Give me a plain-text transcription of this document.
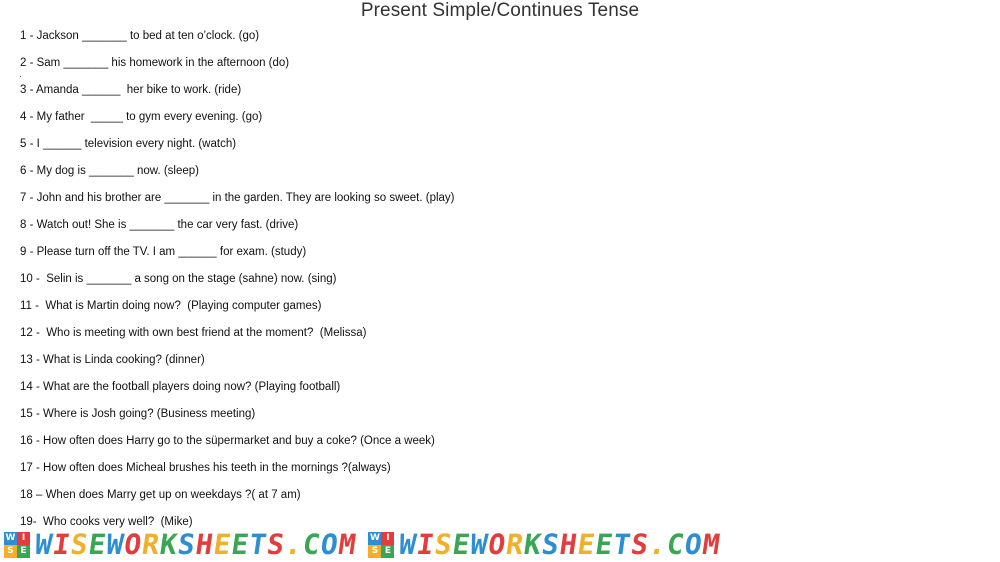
Present Simple/Continues Tense
1 - Jackson _______ to bed at ten o’clock. (go)
2 - Sam _______ his homework in the afternoon (do)
.
3 - Amanda ______  her bike to work. (ride)
4 - My father  _____ to gym every evening. (go)
5 - I ______ television every night. (watch)
6 - My dog is _______ now. (sleep)
7 - John and his brother are _______ in the garden. They are looking so sweet. (play)
8 - Watch out! She is _______ the car very fast. (drive)
9 - Please turn off the TV. I am ______ for exam. (study)
10 -  Selin is _______ a song on the stage (sahne) now. (sing)
11 -  What is Martin doing now?  (Playing computer games)
12 -  Who is meeting with own best friend at the moment?  (Melissa)
13 - What is Linda cooking? (dinner)
14 - What are the football players doing now? (Playing football)
15 - Where is Josh going? (Business meeting)
16 - How often does Harry go to the süpermarket and buy a coke? (Once a week)
17 - How often does Micheal brushes his teeth in the mornings ?(always)
18 – When does Marry get up on weekdays ?( at 7 am)
19-  Who cooks very well?  (Mike)
W I
S E WISEWORKSHEETS.COM W I
S E WISEWORKSHEETS.COM
